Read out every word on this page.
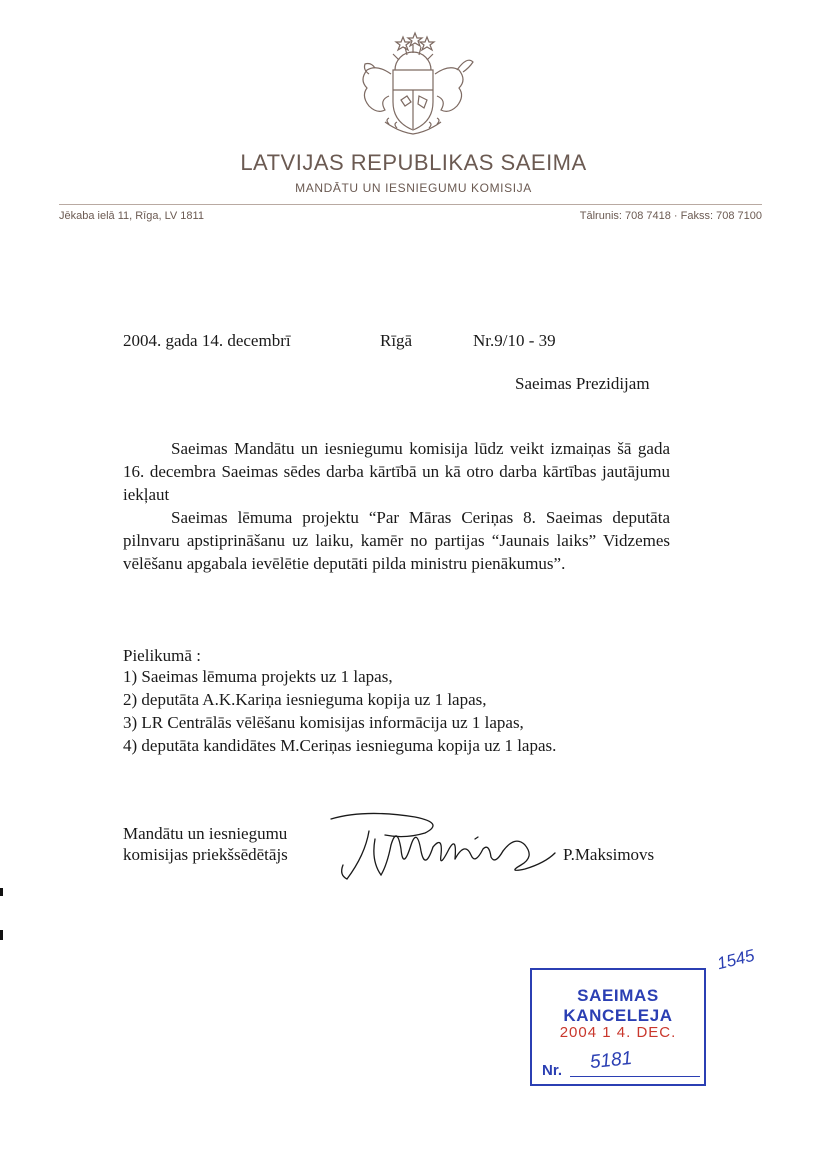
LATVIJAS REPUBLIKAS SAEIMA
MANDĀTU UN IESNIEGUMU KOMISIJA
Jēkaba ielā 11, Rīga, LV 1811	Tālrunis: 708 7418 · Fakss: 708 7100
2004. gada 14. decembrī	Rīgā	Nr.9/10 - 39
Saeimas Prezidijam

Saeimas Mandātu un iesniegumu komisija lūdz veikt izmaiņas šā gada 16. decembra Saeimas sēdes darba kārtībā un kā otro darba kārtības jautājumu iekļaut

Saeimas lēmuma projektu “Par Māras Ceriņas 8. Saeimas deputāta pilnvaru apstiprināšanu uz laiku, kamēr no partijas “Jaunais laiks” Vidzemes vēlēšanu apgabala ievēlētie deputāti pilda ministru pienākumus”.

Pielikumā :
1) Saeimas lēmuma projekts uz 1 lapas,
2) deputāta A.K.Kariņa iesnieguma kopija uz 1 lapas,
3) LR Centrālās vēlēšanu komisijas informācija uz 1 lapas,
4) deputāta kandidātes M.Ceriņas iesnieguma kopija uz 1 lapas.
Mandātu un iesniegumu
komisijas priekšsēdētājs	P.Maksimovs
SAEIMAS KANCELEJA
2004 1 4. DEC.
Nr. 5181
1545
